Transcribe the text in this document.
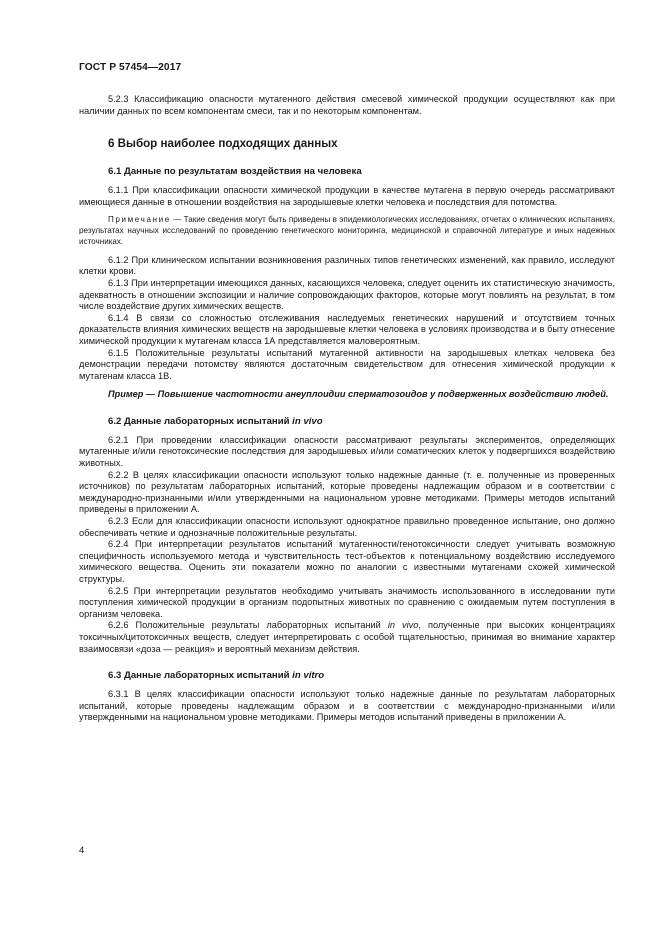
ГОСТ Р 57454—2017

5.2.3 Классификацию опасности мутагенного действия смесевой химической продукции осуществляют как при наличии данных по всем компонентам смеси, так и по некоторым компонентам.

6 Выбор наиболее подходящих данных
6.1 Данные по результатам воздействия на человека

6.1.1 При классификации опасности химической продукции в качестве мутагена в первую очередь рассматривают имеющиеся данные в отношении воздействия на зародышевые клетки человека и последствия для потомства.

Примечание — Такие сведения могут быть приведены в эпидемиологических исследованиях, отчетах о клинических испытаниях, результатах научных исследований по проведению генетического мониторинга, медицинской и справочной литературе и иных надежных источниках.

6.1.2 При клиническом испытании возникновения различных типов генетических изменений, как правило, исследуют клетки крови.

6.1.3 При интерпретации имеющихся данных, касающихся человека, следует оценить их статистическую значимость, адекватность в отношении экспозиции и наличие сопровождающих факторов, которые могут повлиять на результат, в том числе воздействие других химических веществ.

6.1.4 В связи со сложностью отслеживания наследуемых генетических нарушений и отсутствием точных доказательств влияния химических веществ на зародышевые клетки человека в условиях производства и в быту отнесение химической продукции к мутагенам класса 1А представляется маловероятным.

6.1.5 Положительные результаты испытаний мутагенной активности на зародышевых клетках человека без демонстрации передачи потомству являются достаточным свидетельством для отнесения химической продукции к мутагенам класса 1В.

Пример — Повышение частотности анеуплоидии сперматозоидов у подверженных воздействию людей.

6.2 Данные лабораторных испытаний in vivo

6.2.1 При проведении классификации опасности рассматривают результаты экспериментов, определяющих мутагенные и/или генотоксические последствия для зародышевых и/или соматических клеток у подвергшихся воздействию животных.

6.2.2 В целях классификации опасности используют только надежные данные (т. е. полученные из проверенных источников) по результатам лабораторных испытаний, которые проведены надлежащим образом и в соответствии с международно-признанными и/или утвержденными на национальном уровне методиками. Примеры методов испытаний приведены в приложении А.

6.2.3 Если для классификации опасности используют однократное правильно проведенное испытание, оно должно обеспечивать четкие и однозначные положительные результаты.

6.2.4 При интерпретации результатов испытаний мутагенности/генотоксичности следует учитывать возможную специфичность используемого метода и чувствительность тест-объектов к потенциальному воздействию исследуемого химического вещества. Оценить эти показатели можно по аналогии с известными мутагенами схожей химической структуры.

6.2.5 При интерпретации результатов необходимо учитывать значимость использованного в исследовании пути поступления химической продукции в организм подопытных животных по сравнению с ожидаемым путем поступления в организм человека.

6.2.6 Положительные результаты лабораторных испытаний in vivo, полученные при высоких концентрациях токсичных/цитотоксичных веществ, следует интерпретировать с особой тщательностью, принимая во внимание характер взаимосвязи «доза — реакция» и вероятный механизм действия.

6.3 Данные лабораторных испытаний in vitro

6.3.1 В целях классификации опасности используют только надежные данные по результатам лабораторных испытаний, которые проведены надлежащим образом и в соответствии с международно-признанными и/или утвержденными на национальном уровне методиками. Примеры методов испытаний приведены в приложении А.

4
